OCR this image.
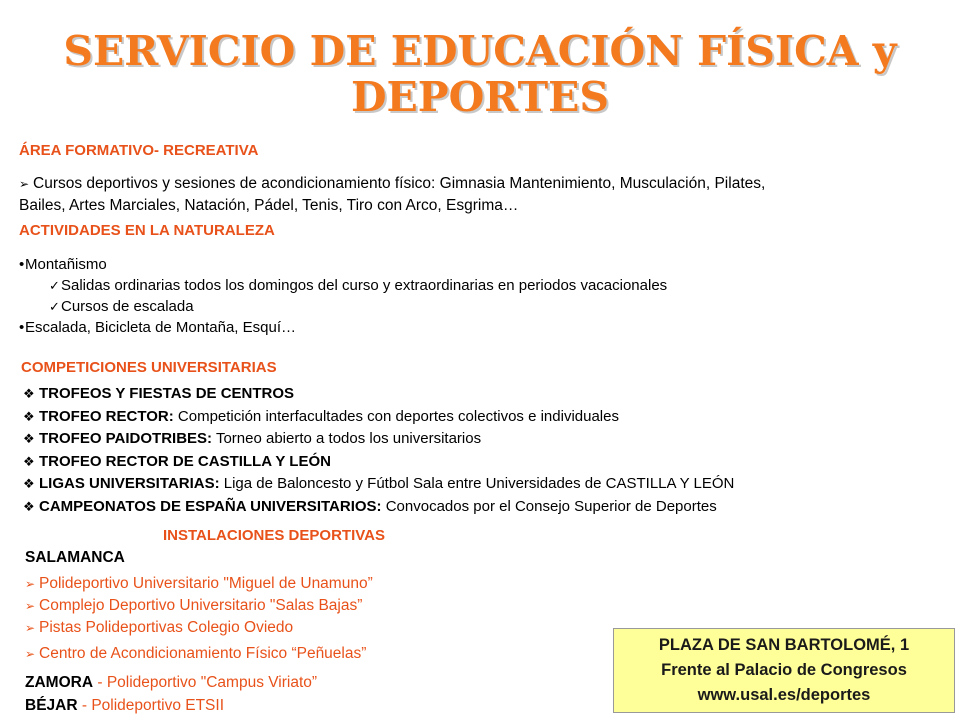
SERVICIO DE EDUCACIÓN FÍSICA y
DEPORTES
ÁREA FORMATIVO- RECREATIVA
➢ Cursos deportivos y sesiones de acondicionamiento físico: Gimnasia Mantenimiento, Musculación, Pilates,
Bailes, Artes Marciales, Natación, Pádel, Tenis, Tiro con Arco, Esgrima…
ACTIVIDADES EN LA NATURALEZA
•Montañismo
✓Salidas ordinarias todos los domingos del curso y extraordinarias en periodos vacacionales
✓Cursos de escalada
•Escalada, Bicicleta de Montaña, Esquí…
COMPETICIONES UNIVERSITARIAS
❖ TROFEOS Y FIESTAS DE CENTROS
❖ TROFEO RECTOR: Competición interfacultades con deportes colectivos e individuales
❖ TROFEO PAIDOTRIBES: Torneo abierto a todos los universitarios
❖ TROFEO RECTOR DE CASTILLA Y LEÓN
❖ LIGAS UNIVERSITARIAS: Liga de Baloncesto y Fútbol Sala entre Universidades de CASTILLA Y LEÓN
❖ CAMPEONATOS DE ESPAÑA UNIVERSITARIOS: Convocados por el Consejo Superior de Deportes
INSTALACIONES DEPORTIVAS
SALAMANCA
➢ Polideportivo Universitario "Miguel de Unamuno”
➢ Complejo Deportivo Universitario "Salas Bajas”
➢ Pistas Polideportivas Colegio Oviedo
➢ Centro de Acondicionamiento Físico “Peñuelas”
ZAMORA - Polideportivo "Campus Viriato”
BÉJAR - Polideportivo ETSII
PLAZA DE SAN BARTOLOMÉ, 1
Frente al Palacio de Congresos
www.usal.es/deportes
